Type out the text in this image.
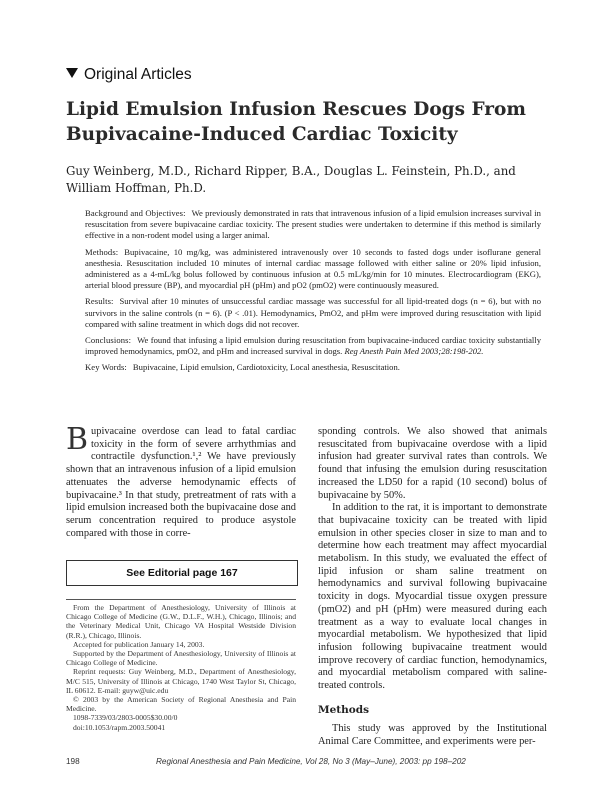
Original Articles
Lipid Emulsion Infusion Rescues Dogs From Bupivacaine-Induced Cardiac Toxicity
Guy Weinberg, M.D., Richard Ripper, B.A., Douglas L. Feinstein, Ph.D., and William Hoffman, Ph.D.

Background and Objectives: We previously demonstrated in rats that intravenous infusion of a lipid emulsion increases survival in resuscitation from severe bupivacaine cardiac toxicity. The present studies were undertaken to determine if this method is similarly effective in a non-rodent model using a larger animal.

Methods: Bupivacaine, 10 mg/kg, was administered intravenously over 10 seconds to fasted dogs under isoflurane general anesthesia. Resuscitation included 10 minutes of internal cardiac massage followed with either saline or 20% lipid infusion, administered as a 4-mL/kg bolus followed by continuous infusion at 0.5 mL/kg/min for 10 minutes. Electrocardiogram (EKG), arterial blood pressure (BP), and myocardial pH (pHm) and pO2 (pmO2) were continuously measured.

Results: Survival after 10 minutes of unsuccessful cardiac massage was successful for all lipid-treated dogs (n = 6), but with no survivors in the saline controls (n = 6). (P < .01). Hemodynamics, PmO2, and pHm were improved during resuscitation with lipid compared with saline treatment in which dogs did not recover.

Conclusions: We found that infusing a lipid emulsion during resuscitation from bupivacaine-induced cardiac toxicity substantially improved hemodynamics, pmO2, and pHm and increased survival in dogs. Reg Anesth Pain Med 2003;28:198-202.

Key Words: Bupivacaine, Lipid emulsion, Cardiotoxicity, Local anesthesia, Resuscitation.

Bupivacaine overdose can lead to fatal cardiac toxicity in the form of severe arrhythmias and contractile dysfunction.¹,² We have previously shown that an intravenous infusion of a lipid emulsion attenuates the adverse hemodynamic effects of bupivacaine.³ In that study, pretreatment of rats with a lipid emulsion increased both the bupivacaine dose and serum concentration required to produce asystole compared with those in corre-

See Editorial page 167

From the Department of Anesthesiology, University of Illinois at Chicago College of Medicine (G.W., D.L.F., W.H.), Chicago, Illinois; and the Veterinary Medical Unit, Chicago VA Hospital Westside Division (R.R.), Chicago, Illinois.

Accepted for publication January 14, 2003.

Supported by the Department of Anesthesiology, University of Illinois at Chicago College of Medicine.

Reprint requests: Guy Weinberg, M.D., Department of Anesthesiology, M/C 515, University of Illinois at Chicago, 1740 West Taylor St, Chicago, IL 60612. E-mail: guyw@uic.edu

© 2003 by the American Society of Regional Anesthesia and Pain Medicine.

1098-7339/03/2803-0005$30.00/0

doi:10.1053/rapm.2003.50041

sponding controls. We also showed that animals resuscitated from bupivacaine overdose with a lipid infusion had greater survival rates than controls. We found that infusing the emulsion during resuscitation increased the LD50 for a rapid (10 second) bolus of bupivacaine by 50%.

In addition to the rat, it is important to demonstrate that bupivacaine toxicity can be treated with lipid emulsion in other species closer in size to man and to determine how each treatment may affect myocardial metabolism. In this study, we evaluated the effect of lipid infusion or sham saline treatment on hemodynamics and survival following bupivacaine toxicity in dogs. Myocardial tissue oxygen pressure (pmO2) and pH (pHm) were measured during each treatment as a way to evaluate local changes in myocardial metabolism. We hypothesized that lipid infusion following bupivacaine treatment would improve recovery of cardiac function, hemodynamics, and myocardial metabolism compared with saline-treated controls.

Methods

This study was approved by the Institutional Animal Care Committee, and experiments were per-

198	Regional Anesthesia and Pain Medicine, Vol 28, No 3 (May–June), 2003: pp 198–202
